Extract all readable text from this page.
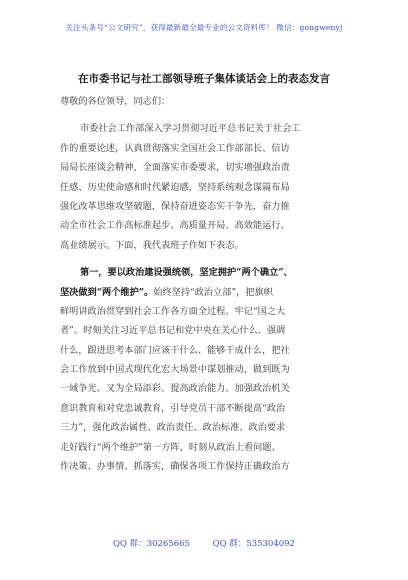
关注头条号“公文研究”，获得最新最全最专业的公文资料库！ 微信：gongwenyj
在市委书记与社工部领导班子集体谈话会上的表态发言
尊敬的各位领导，同志们：
市委社会工作部深入学习贯彻习近平总书记关于社会工
作的重要论述，认真贯彻落实全国社会工作部部长、信访
局局长座谈会精神，全面落实市委要求，切实增强政治责
任感、历史使命感和时代紧迫感，坚持系统观念谋篇布局
强化改革思维攻坚破题，保持奋进姿态实干争先，奋力推
动全市社会工作高标准起步、高质量开局、高效能运行、
高业绩展示。下面，我代表班子作如下表态。
第一，要以政治建设强统领，坚定拥护“两个确立”、
坚决做到“两个维护”。始终坚持“政治立部”，把旗帜
鲜明讲政治贯穿到社会工作各方面全过程。牢记“国之大
者”。时刻关注习近平总书记和党中央在关心什么、强调
什么，跟进思考本部门应该干什么、能够干成什么，把社
会工作放到中国式现代化宏大场景中谋划推动，做到既为
一域争光、又为全局添彩。提高政治能力。加强政治机关
意识教育和对党忠诚教育，引导党员干部不断提高“政治
三力”，强化政治属性、政治责任、政治标准、政治要求
走好践行“两个维护”第一方阵，时刻从政治上看问题、
作决策、办事情、抓落实，确保各项工作保持正确政治方
QQ 群：30265665	QQ 群：535304092
